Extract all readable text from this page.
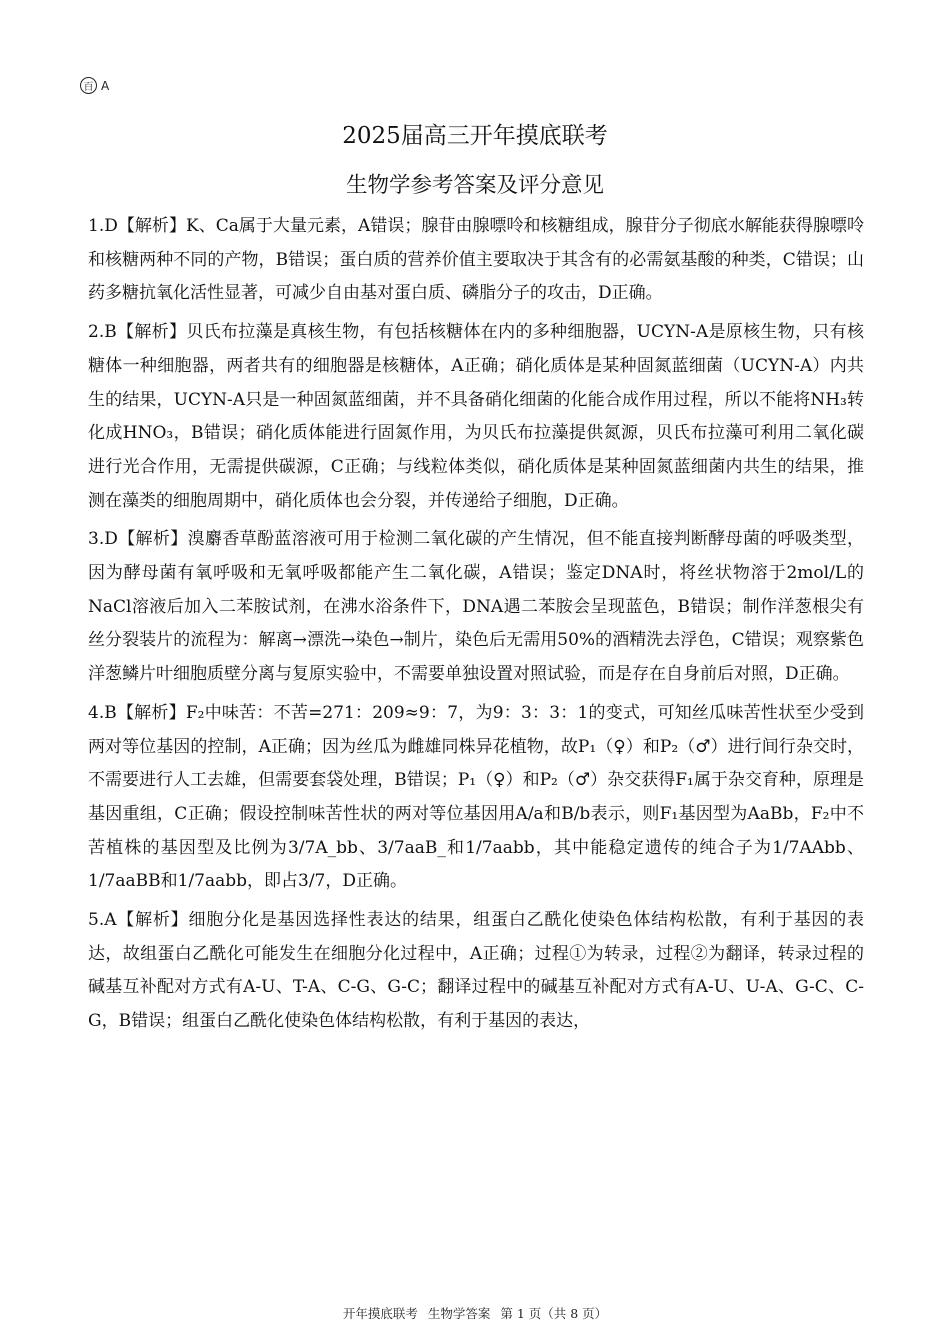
百 A
2025届高三开年摸底联考
生物学参考答案及评分意见

1.D【解析】K、Ca属于大量元素，A错误；腺苷由腺嘌呤和核糖组成，腺苷分子彻底水解能获得腺嘌呤和核糖两种不同的产物，B错误；蛋白质的营养价值主要取决于其含有的必需氨基酸的种类，C错误；山药多糖抗氧化活性显著，可减少自由基对蛋白质、磷脂分子的攻击，D正确。

2.B【解析】贝氏布拉藻是真核生物，有包括核糖体在内的多种细胞器，UCYN-A是原核生物，只有核糖体一种细胞器，两者共有的细胞器是核糖体，A正确；硝化质体是某种固氮蓝细菌（UCYN-A）内共生的结果，UCYN-A只是一种固氮蓝细菌，并不具备硝化细菌的化能合成作用过程，所以不能将NH₃转化成HNO₃，B错误；硝化质体能进行固氮作用，为贝氏布拉藻提供氮源，贝氏布拉藻可利用二氧化碳进行光合作用，无需提供碳源，C正确；与线粒体类似，硝化质体是某种固氮蓝细菌内共生的结果，推测在藻类的细胞周期中，硝化质体也会分裂，并传递给子细胞，D正确。

3.D【解析】溴麝香草酚蓝溶液可用于检测二氧化碳的产生情况，但不能直接判断酵母菌的呼吸类型，因为酵母菌有氧呼吸和无氧呼吸都能产生二氧化碳，A错误；鉴定DNA时，将丝状物溶于2mol/L的NaCl溶液后加入二苯胺试剂，在沸水浴条件下，DNA遇二苯胺会呈现蓝色，B错误；制作洋葱根尖有丝分裂装片的流程为：解离→漂洗→染色→制片，染色后无需用50%的酒精洗去浮色，C错误；观察紫色洋葱鳞片叶细胞质壁分离与复原实验中，不需要单独设置对照试验，而是存在自身前后对照，D正确。

4.B【解析】F₂中味苦：不苦=271：209≈9：7，为9：3：3：1的变式，可知丝瓜味苦性状至少受到两对等位基因的控制，A正确；因为丝瓜为雌雄同株异花植物，故P₁（♀）和P₂（♂）进行间行杂交时，不需要进行人工去雄，但需要套袋处理，B错误；P₁（♀）和P₂（♂）杂交获得F₁属于杂交育种，原理是基因重组，C正确；假设控制味苦性状的两对等位基因用A/a和B/b表示，则F₁基因型为AaBb，F₂中不苦植株的基因型及比例为3/7A_bb、3/7aaB_和1/7aabb，其中能稳定遗传的纯合子为1/7AAbb、1/7aaBB和1/7aabb，即占3/7，D正确。

5.A【解析】细胞分化是基因选择性表达的结果，组蛋白乙酰化使染色体结构松散，有利于基因的表达，故组蛋白乙酰化可能发生在细胞分化过程中，A正确；过程①为转录，过程②为翻译，转录过程的碱基互补配对方式有A-U、T-A、C-G、G-C；翻译过程中的碱基互补配对方式有A-U、U-A、G-C、C-G，B错误；组蛋白乙酰化使染色体结构松散，有利于基因的表达，

开年摸底联考 生物学答案 第 1 页（共 8 页）
